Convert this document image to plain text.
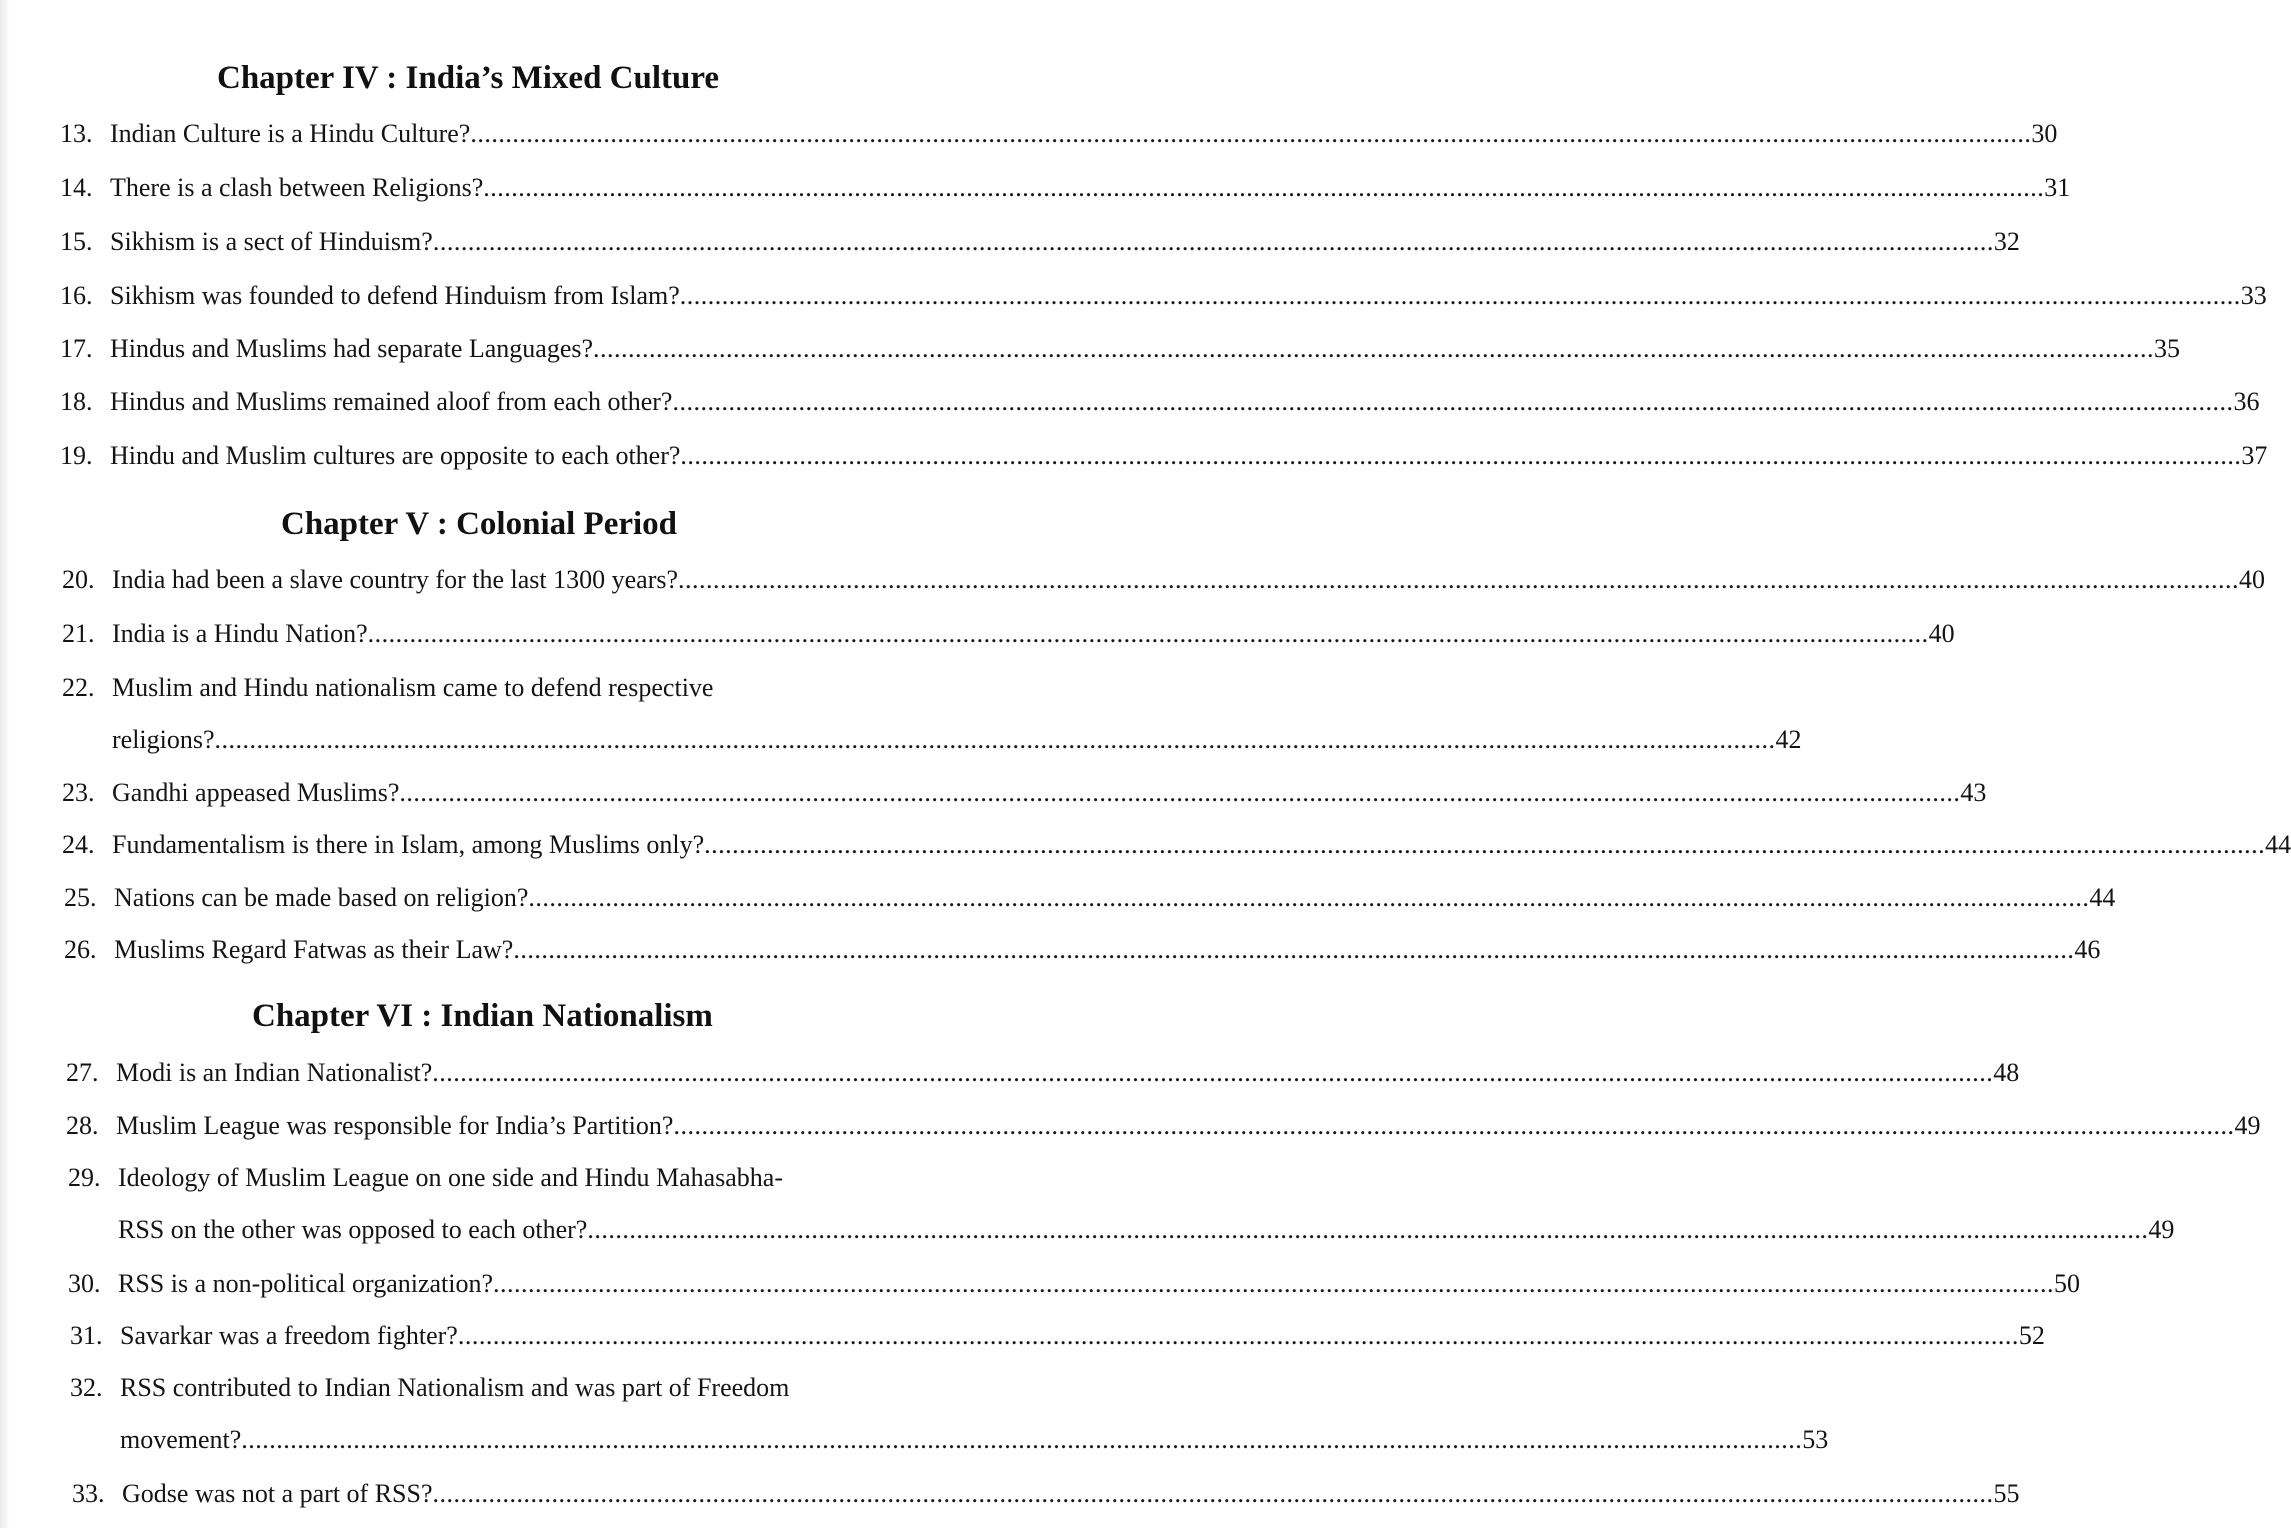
Chapter IV : India’s Mixed Culture
13. Indian Culture is a Hindu Culture? ............................................................................................................................................................................................................................... 30
14. There is a clash between Religions? ............................................................................................................................................................................................................................... 31
15. Sikhism is a sect of Hinduism? ............................................................................................................................................................................................................................... 32
16. Sikhism was founded to defend Hinduism from Islam? ............................................................................................................................................................................................................................... 33
17. Hindus and Muslims had separate Languages? ............................................................................................................................................................................................................................... 35
18. Hindus and Muslims remained aloof from each other? ............................................................................................................................................................................................................................... 36
19. Hindu and Muslim cultures are opposite to each other? ............................................................................................................................................................................................................................... 37
Chapter V : Colonial Period
20. India had been a slave country for the last 1300 years? ............................................................................................................................................................................................................................... 40
21. India is a Hindu Nation? ............................................................................................................................................................................................................................... 40
22. Muslim and Hindu nationalism came to defend respective
religions? ............................................................................................................................................................................................................................... 42
23. Gandhi appeased Muslims? ............................................................................................................................................................................................................................... 43
24. Fundamentalism is there in Islam, among Muslims only? ............................................................................................................................................................................................................................... 44
25. Nations can be made based on religion? ............................................................................................................................................................................................................................... 44
26. Muslims Regard Fatwas as their Law? ............................................................................................................................................................................................................................... 46
Chapter VI : Indian Nationalism
27. Modi is an Indian Nationalist? ............................................................................................................................................................................................................................... 48
28. Muslim League was responsible for India’s Partition? ............................................................................................................................................................................................................................... 49
29. Ideology of Muslim League on one side and Hindu Mahasabha-
RSS on the other was opposed to each other? ............................................................................................................................................................................................................................... 49
30. RSS is a non-political organization? ............................................................................................................................................................................................................................... 50
31. Savarkar was a freedom fighter? ............................................................................................................................................................................................................................... 52
32. RSS contributed to Indian Nationalism and was part of Freedom
movement? ............................................................................................................................................................................................................................... 53
33. Godse was not a part of RSS? ............................................................................................................................................................................................................................... 55
